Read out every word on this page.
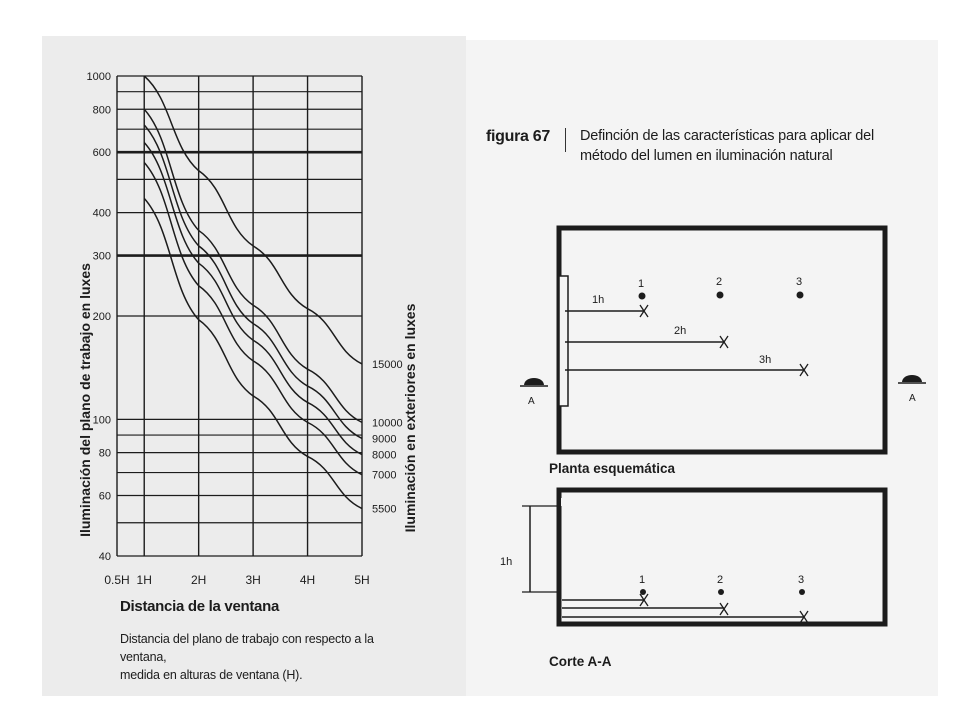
figura 67 Definción de las características para aplicar del
método del lumen en iluminación natural
0.5H 1H	2H	3H	4H	5H
1000
800
600
400
300
200
100
80
60
40
15000
10000
9000
8000
7000
5500
Iluminación del plano de trabajo en luxes	Iluminación en exteriores en luxes
Distancia de la ventana
Distancia del plano de trabajo con respecto a la ventana,
medida en alturas de ventana (H).
1	2	3
1h
2h
3h
A	A
1h
1	2	3
Planta esquemática
Corte A-A
